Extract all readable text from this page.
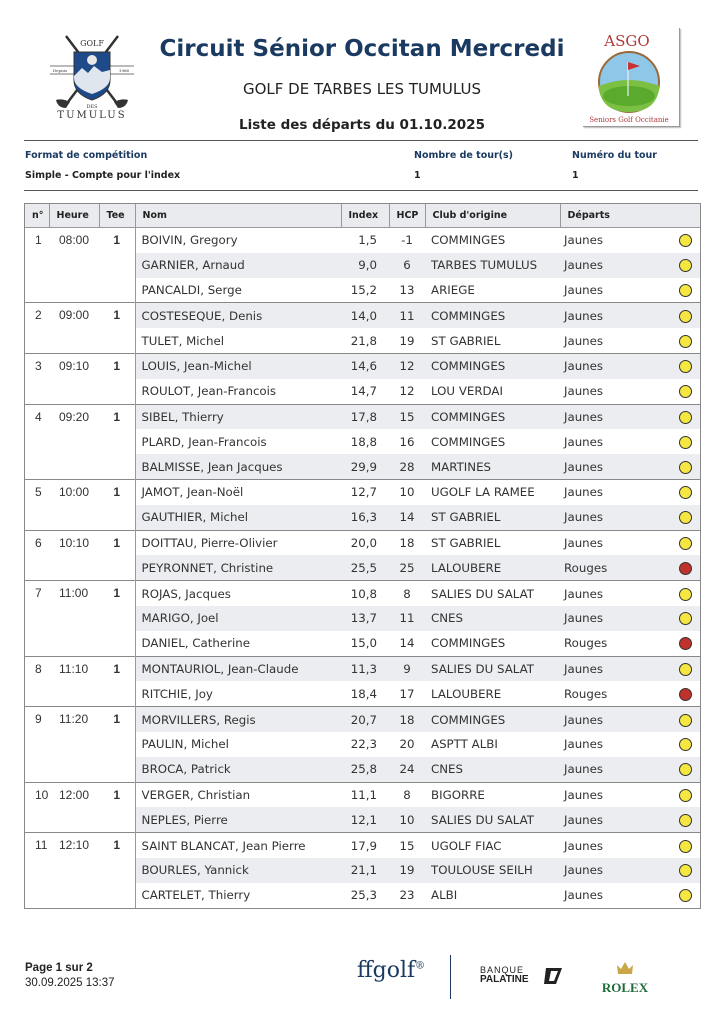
GOLF
Depuis	1966
DES
TUMULUS
Circuit Sénior Occitan Mercredi
GOLF DE TARBES LES TUMULUS
Liste des départs du 01.10.2025
ASGO
Seniors Golf Occitanie
Format de compétition
Simple - Compte pour l'index
Nombre de tour(s)
1
Numéro du tour
1
n°	Heure	Tee	Nom	Index	HCP	Club d'origine	Départs	
1	08:00	1	BOIVIN, Gregory	1,5	-1	COMMINGES	Jaunes	
			GARNIER, Arnaud	9,0	6	TARBES TUMULUS	Jaunes	
			PANCALDI, Serge	15,2	13	ARIEGE	Jaunes	
2	09:00	1	COSTESEQUE, Denis	14,0	11	COMMINGES	Jaunes	
			TULET, Michel	21,8	19	ST GABRIEL	Jaunes	
3	09:10	1	LOUIS, Jean-Michel	14,6	12	COMMINGES	Jaunes	
			ROULOT, Jean-Francois	14,7	12	LOU VERDAI	Jaunes	
4	09:20	1	SIBEL, Thierry	17,8	15	COMMINGES	Jaunes	
			PLARD, Jean-Francois	18,8	16	COMMINGES	Jaunes	
			BALMISSE, Jean Jacques	29,9	28	MARTINES	Jaunes	
5	10:00	1	JAMOT, Jean-Noël	12,7	10	UGOLF LA RAMEE	Jaunes	
			GAUTHIER, Michel	16,3	14	ST GABRIEL	Jaunes	
6	10:10	1	DOITTAU, Pierre-Olivier	20,0	18	ST GABRIEL	Jaunes	
			PEYRONNET, Christine	25,5	25	LALOUBERE	Rouges	
7	11:00	1	ROJAS, Jacques	10,8	8	SALIES DU SALAT	Jaunes	
			MARIGO, Joel	13,7	11	CNES	Jaunes	
			DANIEL, Catherine	15,0	14	COMMINGES	Rouges	
8	11:10	1	MONTAURIOL, Jean-Claude	11,3	9	SALIES DU SALAT	Jaunes	
			RITCHIE, Joy	18,4	17	LALOUBERE	Rouges	
9	11:20	1	MORVILLERS, Regis	20,7	18	COMMINGES	Jaunes	
			PAULIN, Michel	22,3	20	ASPTT ALBI	Jaunes	
			BROCA, Patrick	25,8	24	CNES	Jaunes	
10	12:00	1	VERGER, Christian	11,1	8	BIGORRE	Jaunes	
			NEPLES, Pierre	12,1	10	SALIES DU SALAT	Jaunes	
11	12:10	1	SAINT BLANCAT, Jean Pierre	17,9	15	UGOLF FIAC	Jaunes	
			BOURLES, Yannick	21,1	19	TOULOUSE SEILH	Jaunes	
			CARTELET, Thierry	25,3	23	ALBI	Jaunes	
Page 1 sur 2
30.09.2025 13:37	ffgolf®	BANQUE
PALATINE
ROLEX
